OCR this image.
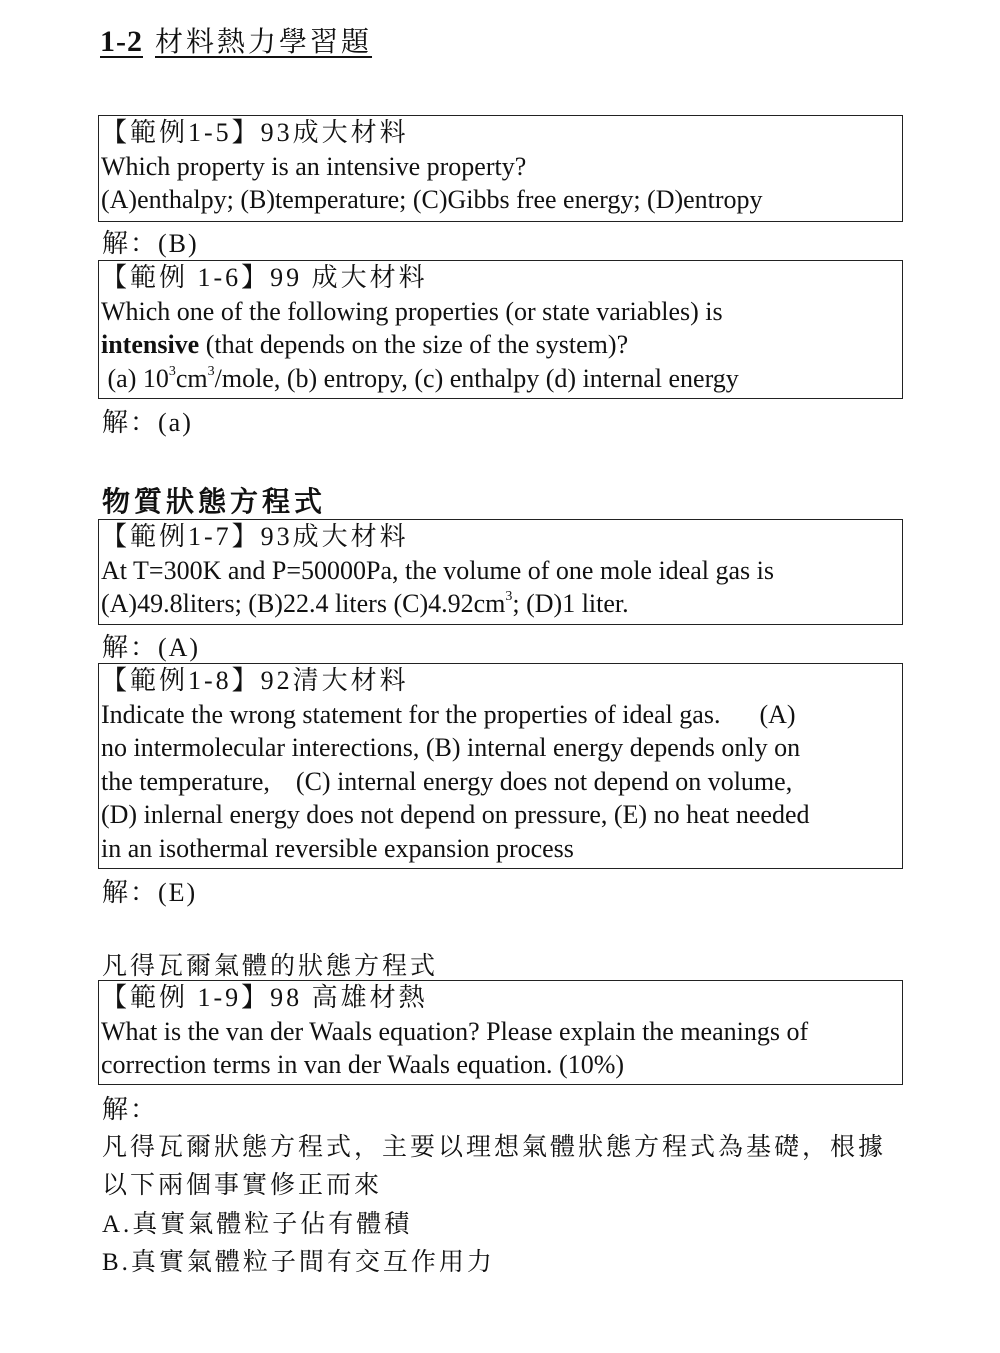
1-2 材料熱力學習題
【範例1-5】93成大材料
Which property is an intensive property?
(A)enthalpy; (B)temperature; (C)Gibbs free energy; (D)entropy
解：(B)
【範例 1-6】99 成大材料
Which one of the following properties (or state variables) is
intensive (that depends on the size of the system)?
(a) $10^3cm^3$/mole, (b) entropy, (c) enthalpy (d) internal energy
解：(a)
物質狀態方程式
【範例1-7】93成大材料
At T=300K and P=50000Pa, the volume of one mole ideal gas is
(A)49.8liters; (B)22.4 liters $(C)4.92cm^3$; (D)1 liter.
解：(A)
【範例1-8】92清大材料
Indicate the wrong statement for the properties of ideal gas.      (A)
no intermolecular interections, (B) internal energy depends only on
the temperature,    (C) internal energy does not depend on volume,
(D) inlernal energy does not depend on pressure, (E) no heat needed
in an isothermal reversible expansion process
解：(E)
凡得瓦爾氣體的狀態方程式
【範例 1-9】98 高雄材熱
What is the van der Waals equation? Please explain the meanings of
correction terms in van der Waals equation. (10%)
解：
凡得瓦爾狀態方程式，主要以理想氣體狀態方程式為基礎，根據
以下兩個事實修正而來
A.真實氣體粒子佔有體積
B.真實氣體粒子間有交互作用力
